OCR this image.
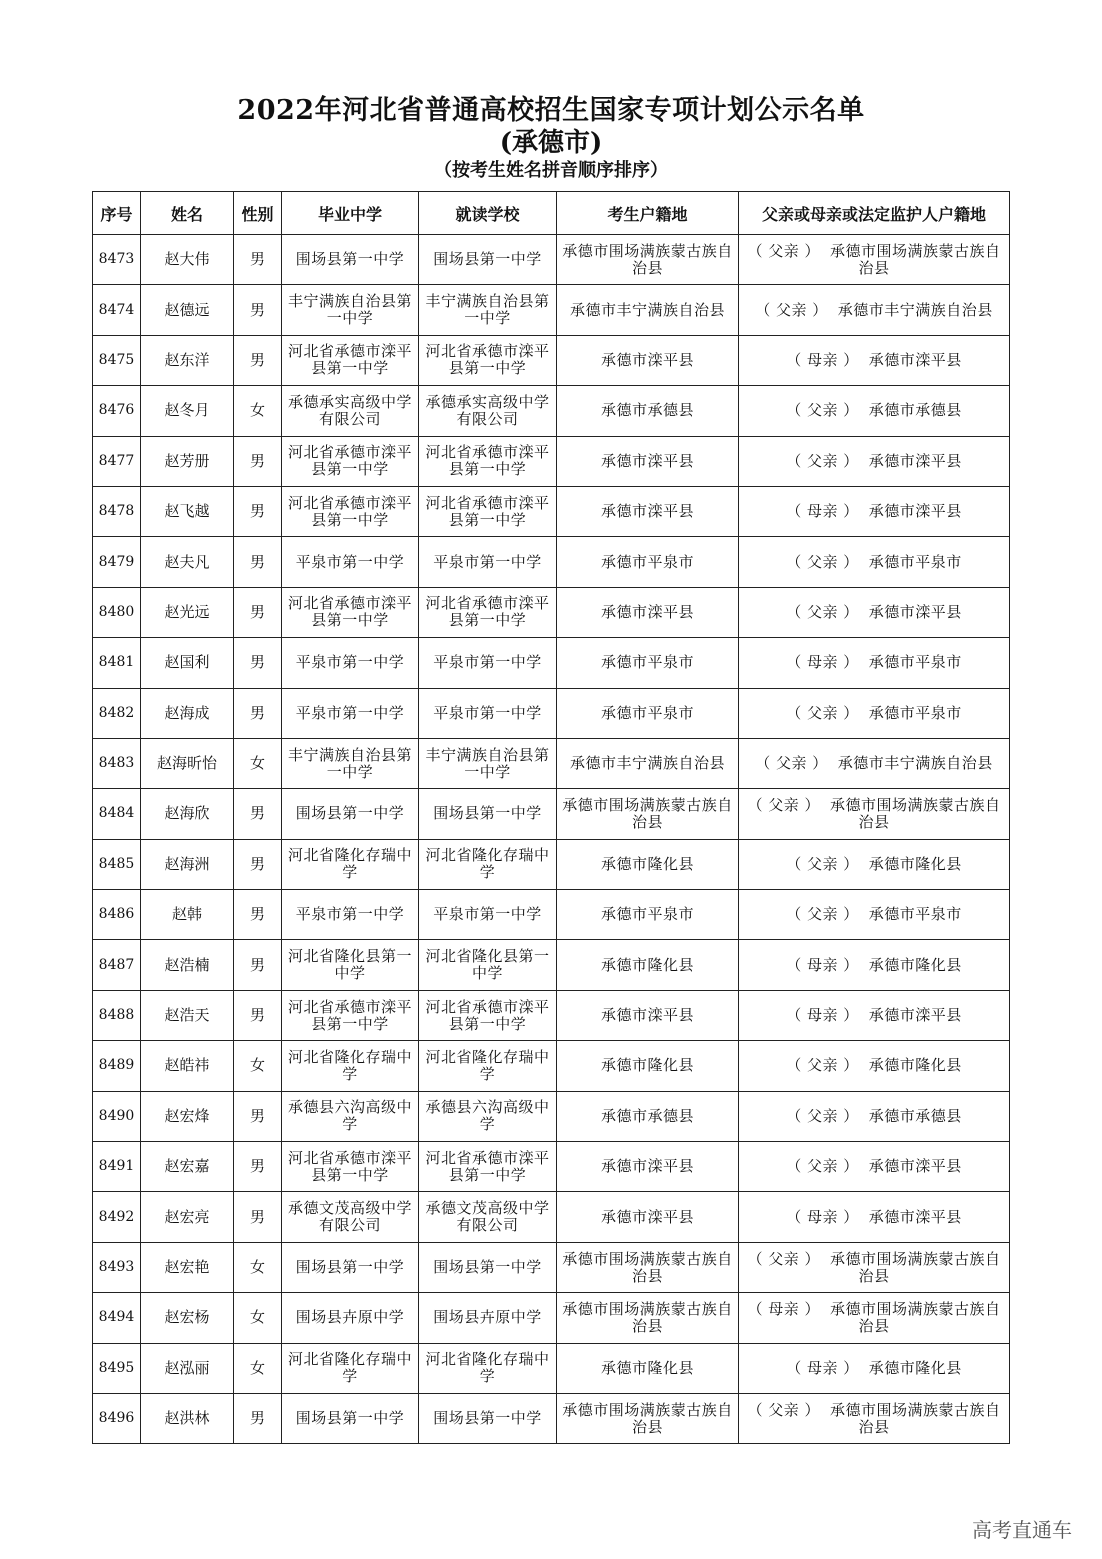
2022年河北省普通高校招生国家专项计划公示名单
(承德市)
（按考生姓名拼音顺序排序）
序号	姓名	性别	毕业中学	就读学校	考生户籍地	父亲或母亲或法定监护人户籍地
8473	赵大伟	男	围场县第一中学	围场县第一中学	承德市围场满族蒙古族自治县	（ 父亲 ） 承德市围场满族蒙古族自治县
8474	赵德远	男	丰宁满族自治县第一中学	丰宁满族自治县第一中学	承德市丰宁满族自治县	（ 父亲 ） 承德市丰宁满族自治县
8475	赵东洋	男	河北省承德市滦平县第一中学	河北省承德市滦平县第一中学	承德市滦平县	（ 母亲 ） 承德市滦平县
8476	赵冬月	女	承德承实高级中学有限公司	承德承实高级中学有限公司	承德市承德县	（ 父亲 ） 承德市承德县
8477	赵芳册	男	河北省承德市滦平县第一中学	河北省承德市滦平县第一中学	承德市滦平县	（ 父亲 ） 承德市滦平县
8478	赵飞越	男	河北省承德市滦平县第一中学	河北省承德市滦平县第一中学	承德市滦平县	（ 母亲 ） 承德市滦平县
8479	赵夫凡	男	平泉市第一中学	平泉市第一中学	承德市平泉市	（ 父亲 ） 承德市平泉市
8480	赵光远	男	河北省承德市滦平县第一中学	河北省承德市滦平县第一中学	承德市滦平县	（ 父亲 ） 承德市滦平县
8481	赵国利	男	平泉市第一中学	平泉市第一中学	承德市平泉市	（ 母亲 ） 承德市平泉市
8482	赵海成	男	平泉市第一中学	平泉市第一中学	承德市平泉市	（ 父亲 ） 承德市平泉市
8483	赵海昕怡	女	丰宁满族自治县第一中学	丰宁满族自治县第一中学	承德市丰宁满族自治县	（ 父亲 ） 承德市丰宁满族自治县
8484	赵海欣	男	围场县第一中学	围场县第一中学	承德市围场满族蒙古族自治县	（ 父亲 ） 承德市围场满族蒙古族自治县
8485	赵海洲	男	河北省隆化存瑞中学	河北省隆化存瑞中学	承德市隆化县	（ 父亲 ） 承德市隆化县
8486	赵韩	男	平泉市第一中学	平泉市第一中学	承德市平泉市	（ 父亲 ） 承德市平泉市
8487	赵浩楠	男	河北省隆化县第一中学	河北省隆化县第一中学	承德市隆化县	（ 母亲 ） 承德市隆化县
8488	赵浩天	男	河北省承德市滦平县第一中学	河北省承德市滦平县第一中学	承德市滦平县	（ 母亲 ） 承德市滦平县
8489	赵皓祎	女	河北省隆化存瑞中学	河北省隆化存瑞中学	承德市隆化县	（ 父亲 ） 承德市隆化县
8490	赵宏烽	男	承德县六沟高级中学	承德县六沟高级中学	承德市承德县	（ 父亲 ） 承德市承德县
8491	赵宏嘉	男	河北省承德市滦平县第一中学	河北省承德市滦平县第一中学	承德市滦平县	（ 父亲 ） 承德市滦平县
8492	赵宏亮	男	承德文茂高级中学有限公司	承德文茂高级中学有限公司	承德市滦平县	（ 母亲 ） 承德市滦平县
8493	赵宏艳	女	围场县第一中学	围场县第一中学	承德市围场满族蒙古族自治县	（ 父亲 ） 承德市围场满族蒙古族自治县
8494	赵宏杨	女	围场县卉原中学	围场县卉原中学	承德市围场满族蒙古族自治县	（ 母亲 ） 承德市围场满族蒙古族自治县
8495	赵泓丽	女	河北省隆化存瑞中学	河北省隆化存瑞中学	承德市隆化县	（ 母亲 ） 承德市隆化县
8496	赵洪林	男	围场县第一中学	围场县第一中学	承德市围场满族蒙古族自治县	（ 父亲 ） 承德市围场满族蒙古族自治县
高考直通车
